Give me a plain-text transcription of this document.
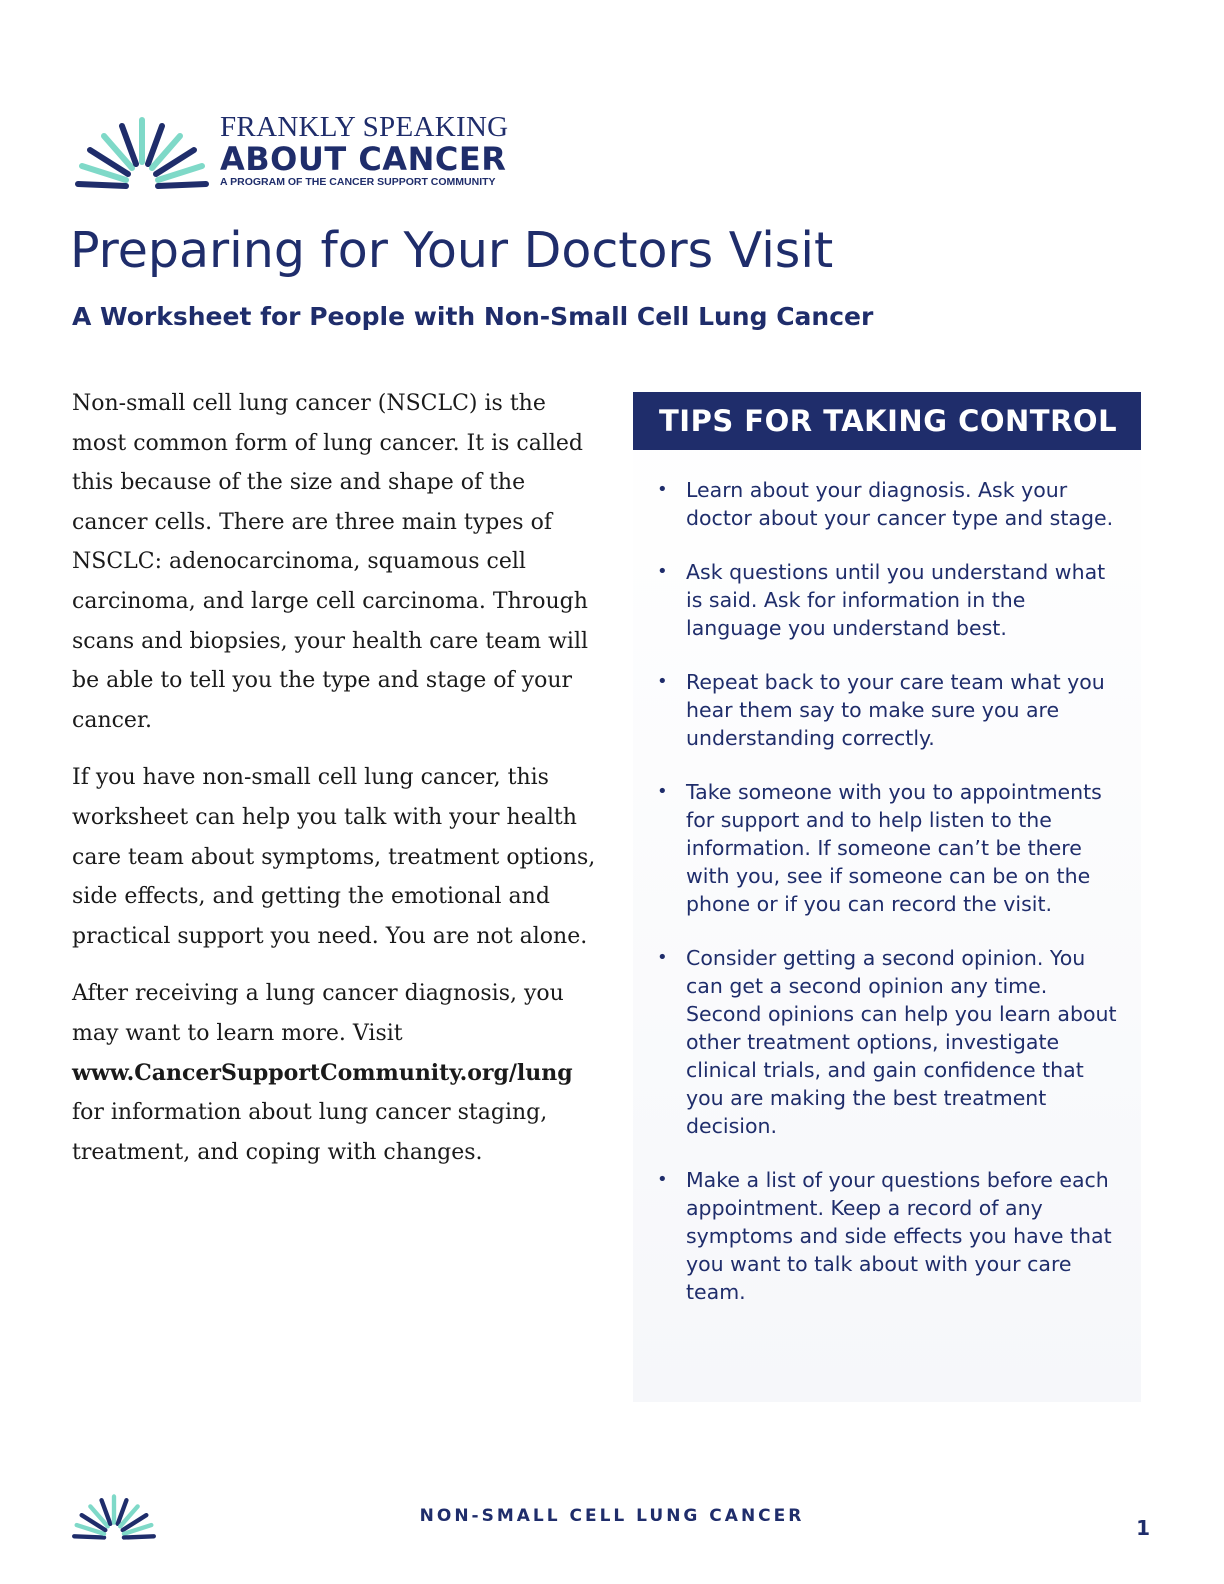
FRANKLY SPEAKING
ABOUT CANCER
A PROGRAM OF THE CANCER SUPPORT COMMUNITY
Preparing for Your Doctors Visit
A Worksheet for People with Non-Small Cell Lung Cancer

Non-small cell lung cancer (NSCLC) is the most common form of lung cancer. It is called this because of the size and shape of the cancer cells. There are three main types of NSCLC: adenocarcinoma, squamous cell carcinoma, and large cell carcinoma. Through scans and biopsies, your health care team will be able to tell you the type and stage of your cancer.

If you have non-small cell lung cancer, this worksheet can help you talk with your health care team about symptoms, treatment options, side effects, and getting the emotional and practical support you need. You are not alone.

After receiving a lung cancer diagnosis, you may want to learn more. Visit
www.CancerSupportCommunity.org/lung
for information about lung cancer staging, treatment, and coping with changes.

TIPS FOR TAKING CONTROL
• Learn about your diagnosis. Ask your doctor about your cancer type and stage.
• Ask questions until you understand what is said. Ask for information in the language you understand best.
• Repeat back to your care team what you hear them say to make sure you are understanding correctly.
• Take someone with you to appointments for support and to help listen to the information. If someone can’t be there with you, see if someone can be on the phone or if you can record the visit.
• Consider getting a second opinion. You can get a second opinion any time. Second opinions can help you learn about other treatment options, investigate clinical trials, and gain confidence that you are making the best treatment decision.
• Make a list of your questions before each appointment. Keep a record of any symptoms and side effects you have that you want to talk about with your care team.
NON-SMALL CELL LUNG CANCER	1
